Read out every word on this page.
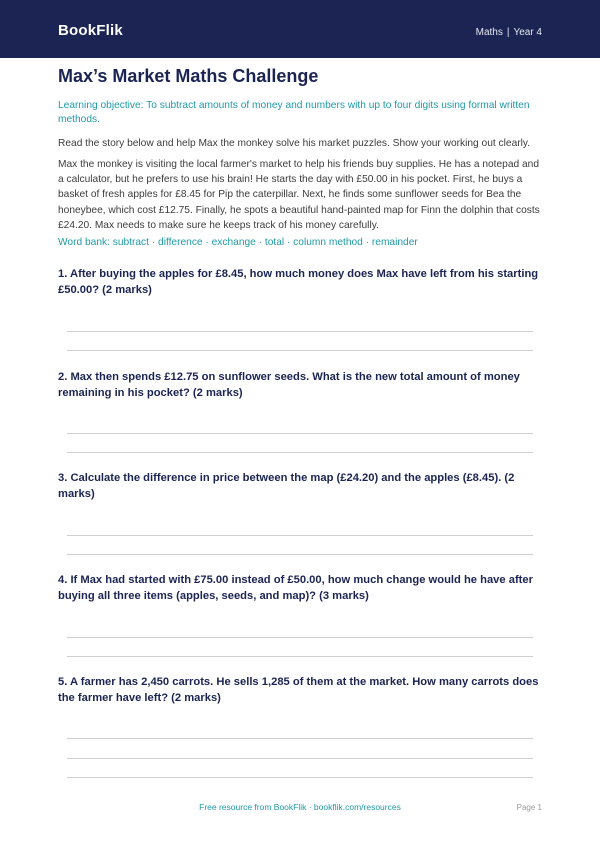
BookFlik	Maths | Year 4
Max’s Market Maths Challenge
Learning objective: To subtract amounts of money and numbers with up to four digits using formal written methods.
Read the story below and help Max the monkey solve his market puzzles. Show your working out clearly.
Max the monkey is visiting the local farmer's market to help his friends buy supplies. He has a notepad and a calculator, but he prefers to use his brain! He starts the day with £50.00 in his pocket. First, he buys a basket of fresh apples for £8.45 for Pip the caterpillar. Next, he finds some sunflower seeds for Bea the honeybee, which cost £12.75. Finally, he spots a beautiful hand-painted map for Finn the dolphin that costs £24.20. Max needs to make sure he keeps track of his money carefully.
Word bank: subtract · difference · exchange · total · column method · remainder
1. After buying the apples for £8.45, how much money does Max have left from his starting £50.00? (2 marks)
2. Max then spends £12.75 on sunflower seeds. What is the new total amount of money remaining in his pocket? (2 marks)
3. Calculate the difference in price between the map (£24.20) and the apples (£8.45). (2 marks)
4. If Max had started with £75.00 instead of £50.00, how much change would he have after buying all three items (apples, seeds, and map)? (3 marks)
5. A farmer has 2,450 carrots. He sells 1,285 of them at the market. How many carrots does the farmer have left? (2 marks)
Free resource from BookFlik · bookflik.com/resources	Page 1
